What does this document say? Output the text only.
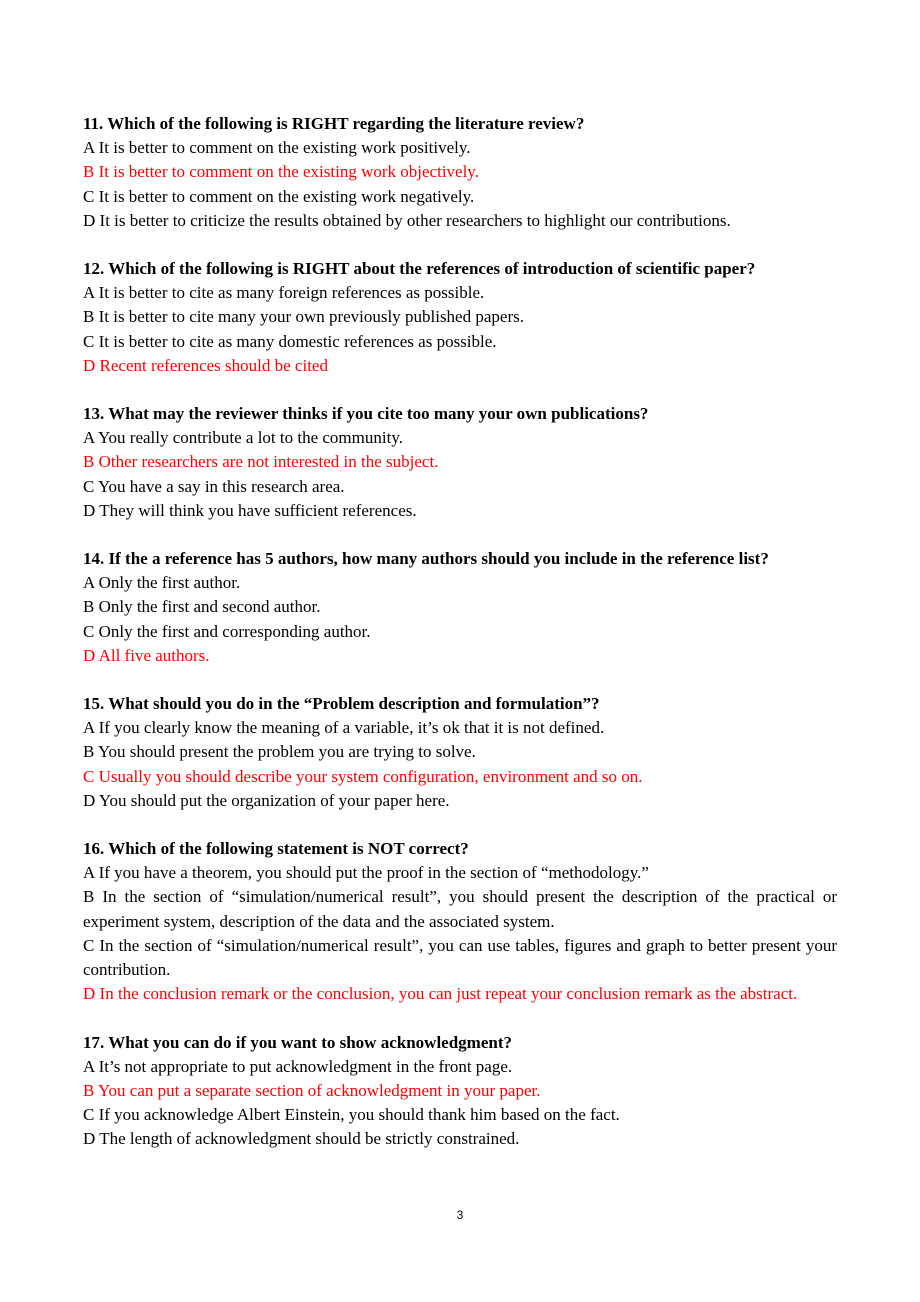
11. Which of the following is RIGHT regarding the literature review?

A It is better to comment on the existing work positively.

B It is better to comment on the existing work objectively.

C It is better to comment on the existing work negatively.

D It is better to criticize the results obtained by other researchers to highlight our contributions.

12. Which of the following is RIGHT about the references of introduction of scientific paper?

A It is better to cite as many foreign references as possible.

B It is better to cite many your own previously published papers.

C It is better to cite as many domestic references as possible.

D Recent references should be cited

13. What may the reviewer thinks if you cite too many your own publications?

A You really contribute a lot to the community.

B Other researchers are not interested in the subject.

C You have a say in this research area.

D They will think you have sufficient references.

14. If the a reference has 5 authors, how many authors should you include in the reference list?

A Only the first author.

B Only the first and second author.

C Only the first and corresponding author.

D All five authors.

15. What should you do in the “Problem description and formulation”?

A If you clearly know the meaning of a variable, it’s ok that it is not defined.

B You should present the problem you are trying to solve.

C Usually you should describe your system configuration, environment and so on.

D You should put the organization of your paper here.

16. Which of the following statement is NOT correct?

A If you have a theorem, you should put the proof in the section of “methodology.”

B In the section of “simulation/numerical result”, you should present the description of the practical or experiment system, description of the data and the associated system.

C In the section of “simulation/numerical result”, you can use tables, figures and graph to better present your contribution.

D In the conclusion remark or the conclusion, you can just repeat your conclusion remark as the abstract.

17. What you can do if you want to show acknowledgment?

A It’s not appropriate to put acknowledgment in the front page.

B You can put a separate section of acknowledgment in your paper.

C If you acknowledge Albert Einstein, you should thank him based on the fact.

D The length of acknowledgment should be strictly constrained.

3
